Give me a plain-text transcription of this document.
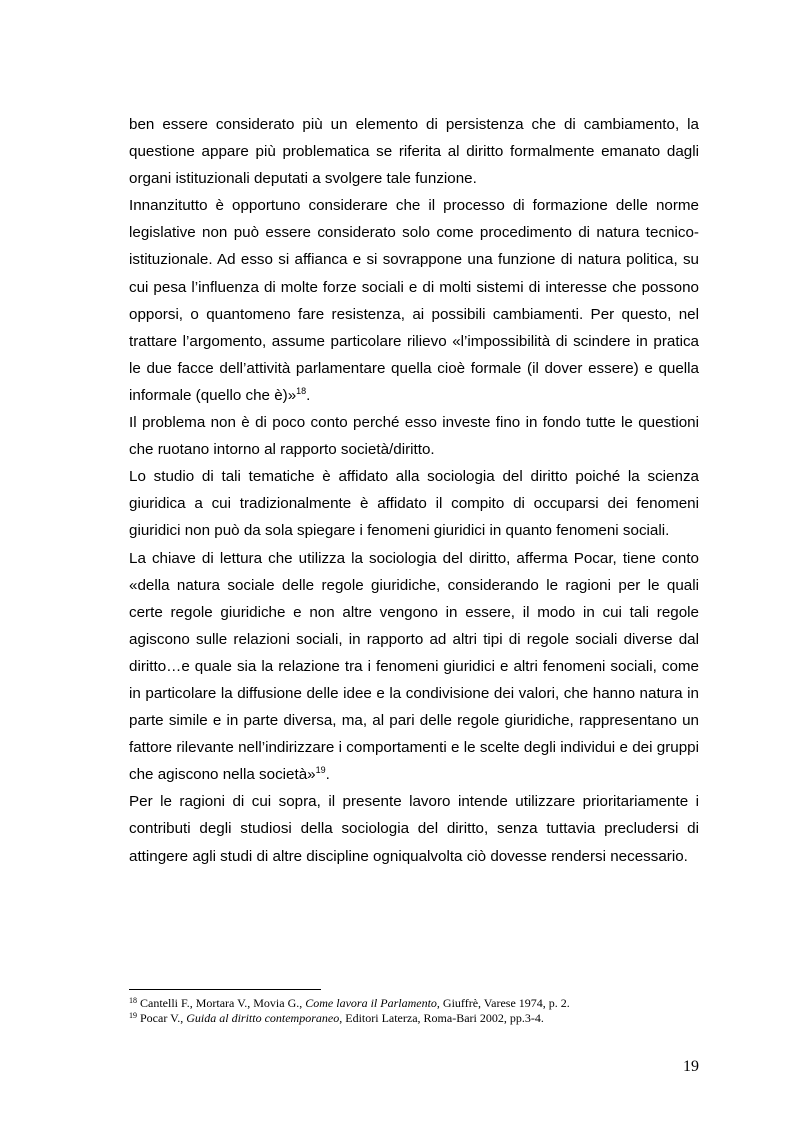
ben essere considerato più un elemento di persistenza che di cambiamento, la questione appare più problematica se riferita al diritto formalmente emanato dagli organi istituzionali deputati a svolgere tale funzione.

Innanzitutto è opportuno considerare che il processo di formazione delle norme legislative non può essere considerato solo come procedimento di natura tecnico-istituzionale. Ad esso si affianca e si sovrappone una funzione di natura politica, su cui pesa l’influenza di molte forze sociali e di molti sistemi di interesse che possono opporsi, o quantomeno fare resistenza, ai possibili cambiamenti. Per questo, nel trattare l’argomento, assume particolare rilievo «l’impossibilità di scindere in pratica le due facce dell’attività parlamentare quella cioè formale (il dover essere) e quella informale (quello che è)»$^{18}$.

Il problema non è di poco conto perché esso investe fino in fondo tutte le questioni che ruotano intorno al rapporto società/diritto.

Lo studio di tali tematiche è affidato alla sociologia del diritto poiché la scienza giuridica a cui tradizionalmente è affidato il compito di occuparsi dei fenomeni giuridici non può da sola spiegare i fenomeni giuridici in quanto fenomeni sociali.

La chiave di lettura che utilizza la sociologia del diritto, afferma Pocar, tiene conto «della natura sociale delle regole giuridiche, considerando le ragioni per le quali certe regole giuridiche e non altre vengono in essere, il modo in cui tali regole agiscono sulle relazioni sociali, in rapporto ad altri tipi di regole sociali diverse dal diritto…e quale sia la relazione tra i fenomeni giuridici e altri fenomeni sociali, come in particolare la diffusione delle idee e la condivisione dei valori, che hanno natura in parte simile e in parte diversa, ma, al pari delle regole giuridiche, rappresentano un fattore rilevante nell’indirizzare i comportamenti e le scelte degli individui e dei gruppi che agiscono nella società»$^{19}$.

Per le ragioni di cui sopra, il presente lavoro intende utilizzare prioritariamente i contributi degli studiosi della sociologia del diritto, senza tuttavia precludersi di attingere agli studi di altre discipline ogniqualvolta ciò dovesse rendersi necessario.

$^{18}$ Cantelli F., Mortara V., Movia G., Come lavora il Parlamento, Giuffrè, Varese 1974, p. 2.

$^{19}$ Pocar V., Guida al diritto contemporaneo, Editori Laterza, Roma-Bari 2002, pp.3-4.

19
